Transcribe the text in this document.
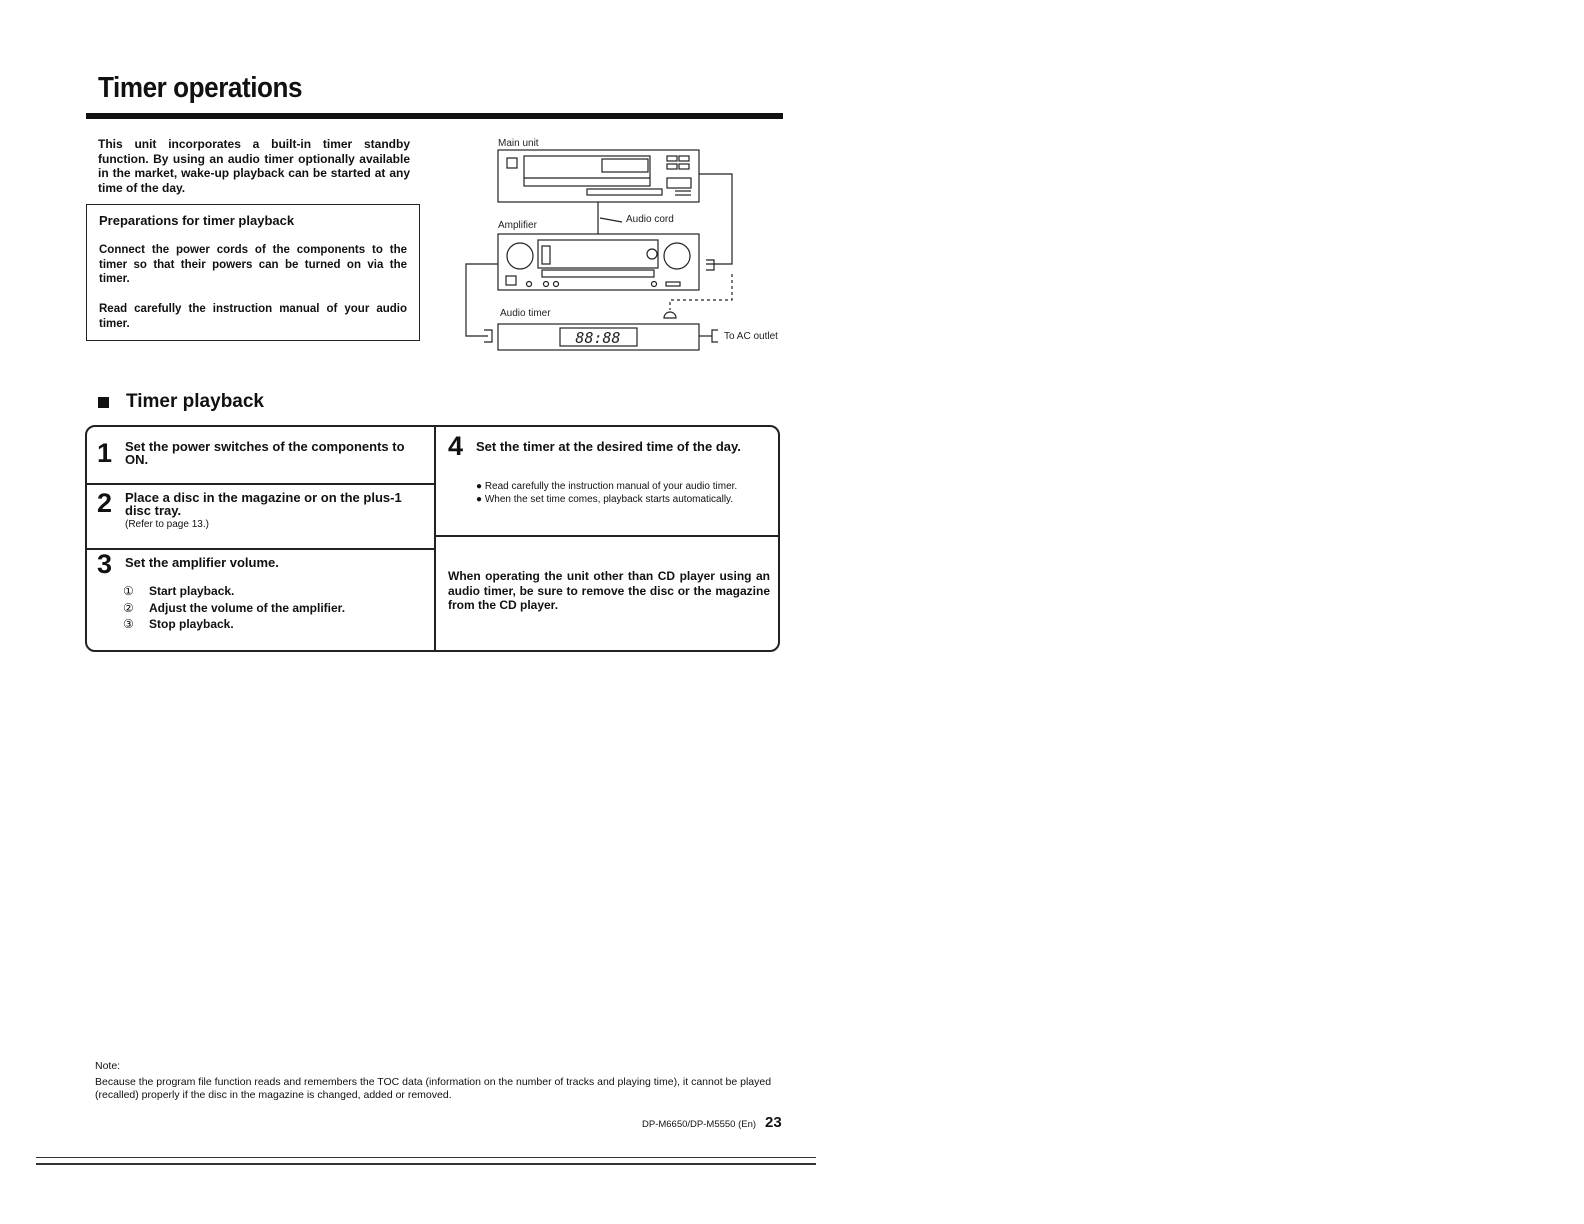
Timer operations

This unit incorporates a built-in timer standby function. By using an audio timer optionally available in the market, wake-up playback can be started at any time of the day.

Preparations for timer playback

Connect the power cords of the components to the timer so that their powers can be turned on via the timer.

Read carefully the instruction manual of your audio timer.

Main unit
Amplifier
Audio cord
Audio timer
To AC outlet
88:88
Timer playback
1 Set the power switches of the components to ON.

2 Place a disc in the magazine or on the plus-1 disc tray.

(Refer to page 13.)
3 Set the amplifier volume.

①	Start playback.
②	Adjust the volume of the amplifier.
③	Stop playback.
4 Set the timer at the desired time of the day.

● Read carefully the instruction manual of your audio timer.
● When the set time comes, playback starts automatically.

When operating the unit other than CD player using an audio timer, be sure to remove the disc or the magazine from the CD player.

Note:

Because the program file function reads and remembers the TOC data (information on the number of tracks and playing time), it cannot be played (recalled) properly if the disc in the magazine is changed, added or removed.

DP-M6650/DP-M5550 (En) 23
